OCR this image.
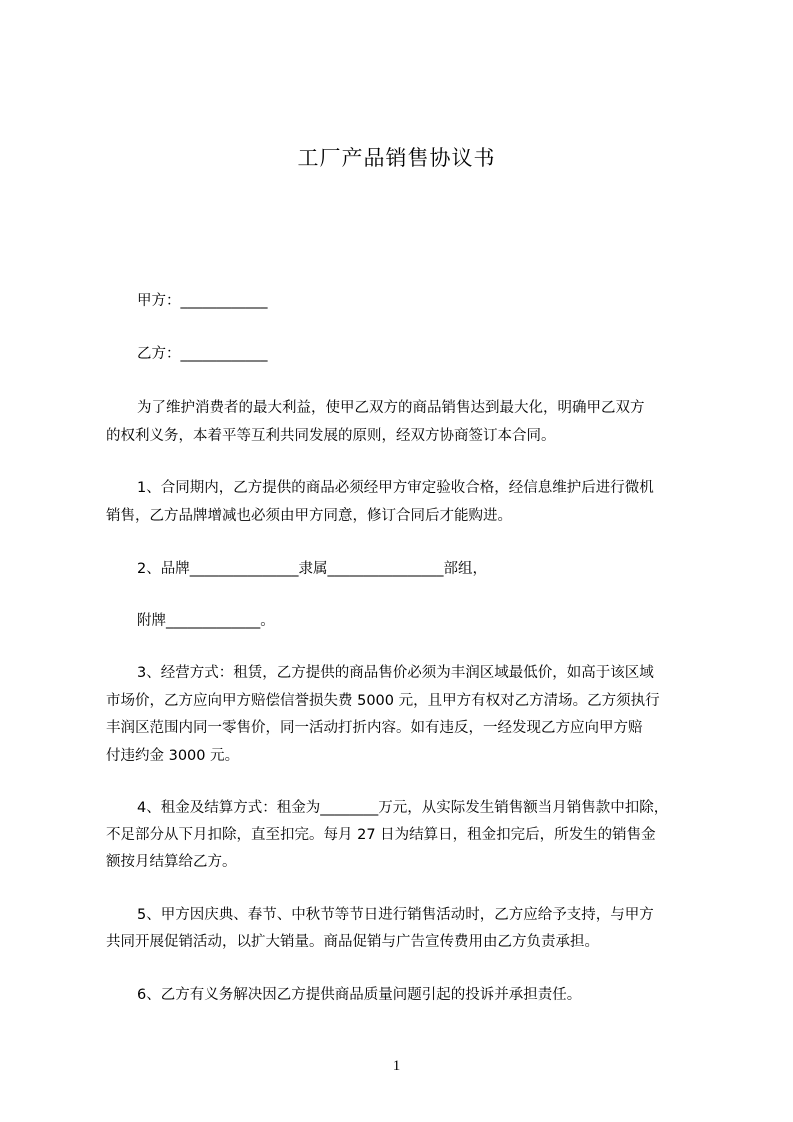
工厂产品销售协议书
甲方：____________
乙方：____________
为了维护消费者的最大利益，使甲乙双方的商品销售达到最大化，明确甲乙双方
的权利义务，本着平等互利共同发展的原则，经双方协商签订本合同。
1、合同期内，乙方提供的商品必须经甲方审定验收合格，经信息维护后进行微机
销售，乙方品牌增减也必须由甲方同意，修订合同后才能购进。
2、品牌_______________隶属________________部组，
附牌_____________。
3、经营方式：租赁，乙方提供的商品售价必须为丰润区域最低价，如高于该区域
市场价，乙方应向甲方赔偿信誉损失费 5000 元，且甲方有权对乙方清场。乙方须执行
丰润区范围内同一零售价，同一活动打折内容。如有违反，一经发现乙方应向甲方赔
付违约金 3000 元。
4、租金及结算方式：租金为________万元，从实际发生销售额当月销售款中扣除，
不足部分从下月扣除，直至扣完。每月 27 日为结算日，租金扣完后，所发生的销售金
额按月结算给乙方。
5、甲方因庆典、春节、中秋节等节日进行销售活动时，乙方应给予支持，与甲方
共同开展促销活动，以扩大销量。商品促销与广告宣传费用由乙方负责承担。
6、乙方有义务解决因乙方提供商品质量问题引起的投诉并承担责任。
1
